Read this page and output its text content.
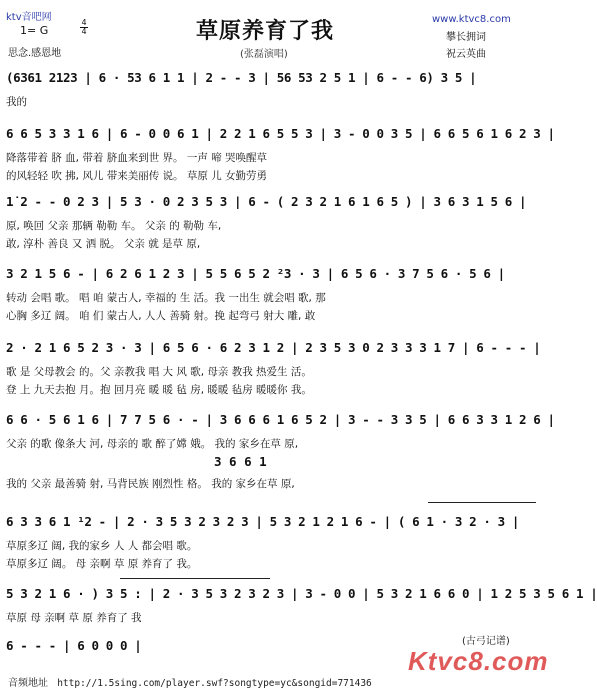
ktv音吧网	www.ktvc8.com
草原养育了我
1= G
4
4
攀长拥词
思念.感恩地	(张磊演唱)	祝云英曲
(6361 2123 | 6 · 53 6 1 1 | 2 - - 3 | 56 53 2 5 1 | 6 - - 6) 3 5 |
我的
6 6 5 3 3 1 6 | 6 - 0 0 6 1 | 2 2 1 6 5 5 3 | 3 - 0 0 3 5 | 6 6 5 6 1 6 2 3 |
降落带着 脐 血, 带着 脐血来到世 界。 一声 啼 哭唤醒草
的风轻轻 吹 拂, 风儿 带来美丽传 说。 草原 儿 女勤劳勇
1̇ 2 - - 0 2 3 | 5 3 · 0 2 3 5 3 | 6 - ( 2 3 2 1 6 1 6 5 ) | 3 6 3 1 5 6 |
原, 唤回 父亲 那辆 勒勒 车。 父亲 的 勒勒 车,
敢, 淳朴 善良 又 洒 脱。 父亲 就 是草 原,
3 2 1 5 6 - | 6 2 6 1 2 3 | 5 5 6 5 2 ²3 · 3 | 6 5 6 · 3 7 5 6 · 5 6 |
转动 会唱 歌。 唱 咱 蒙古人, 幸福的 生 活。我 一出生 就会唱 歌, 那
心胸 多辽 阔。 咱 们 蒙古人, 人人 善骑 射。挽 起弯弓 射大 雕, 敢
2 · 2 1 6 5 2 3 · 3 | 6 5 6 · 6 2 3 1 2 | 2 3 5 3 0 2 3 3 3 1 7 | 6 - - - |
歌 是 父母教会 的。父 亲教我 唱 大 风 歌, 母亲 教我 热爱生 活。
登 上 九天去抱 月。抱 回月亮 暖 暖 毡 房, 暖暖 毡房 暖暖你 我。
6 6 · 5 6 1 6 | 7 7 5 6 · - | 3 6 6 6 1 6 5 2 | 3 - - 3 3 5 | 6 6 3 3 1 2 6 |
父亲 的歌 像条大 河, 母亲的 歌 醉了嫦 娥。 我的 家乡在草 原,
3 6 6 1
我的 父亲 最善骑 射, 马背民族 刚烈性 格。 我的 家乡在草 原,
6 3 3 6 1 ¹2 - | 2 · 3 5 3 2 3 2 3 | 5 3 2 1 2 1 6 - | ( 6 1 · 3 2 · 3 |
草原多辽 阔, 我的家乡 人 人 都会唱 歌。
草原多辽 阔。 母 亲啊 草 原 养育了 我。
5 3 2 1 6 · ) 3 5 : | 2 · 3 5 3 2 3 2 3 | 3 - 0 0 | 5 3 2 1 6 6 0 | 1 2 5 3 5 6 1 |
草原 母 亲啊 草 原 养育了 我
6 - - - | 6 0 0 0 |	(古弓记谱)
Ktvc8.com
音频地址 http://1.5sing.com/player.swf?songtype=yc&songid=771436
